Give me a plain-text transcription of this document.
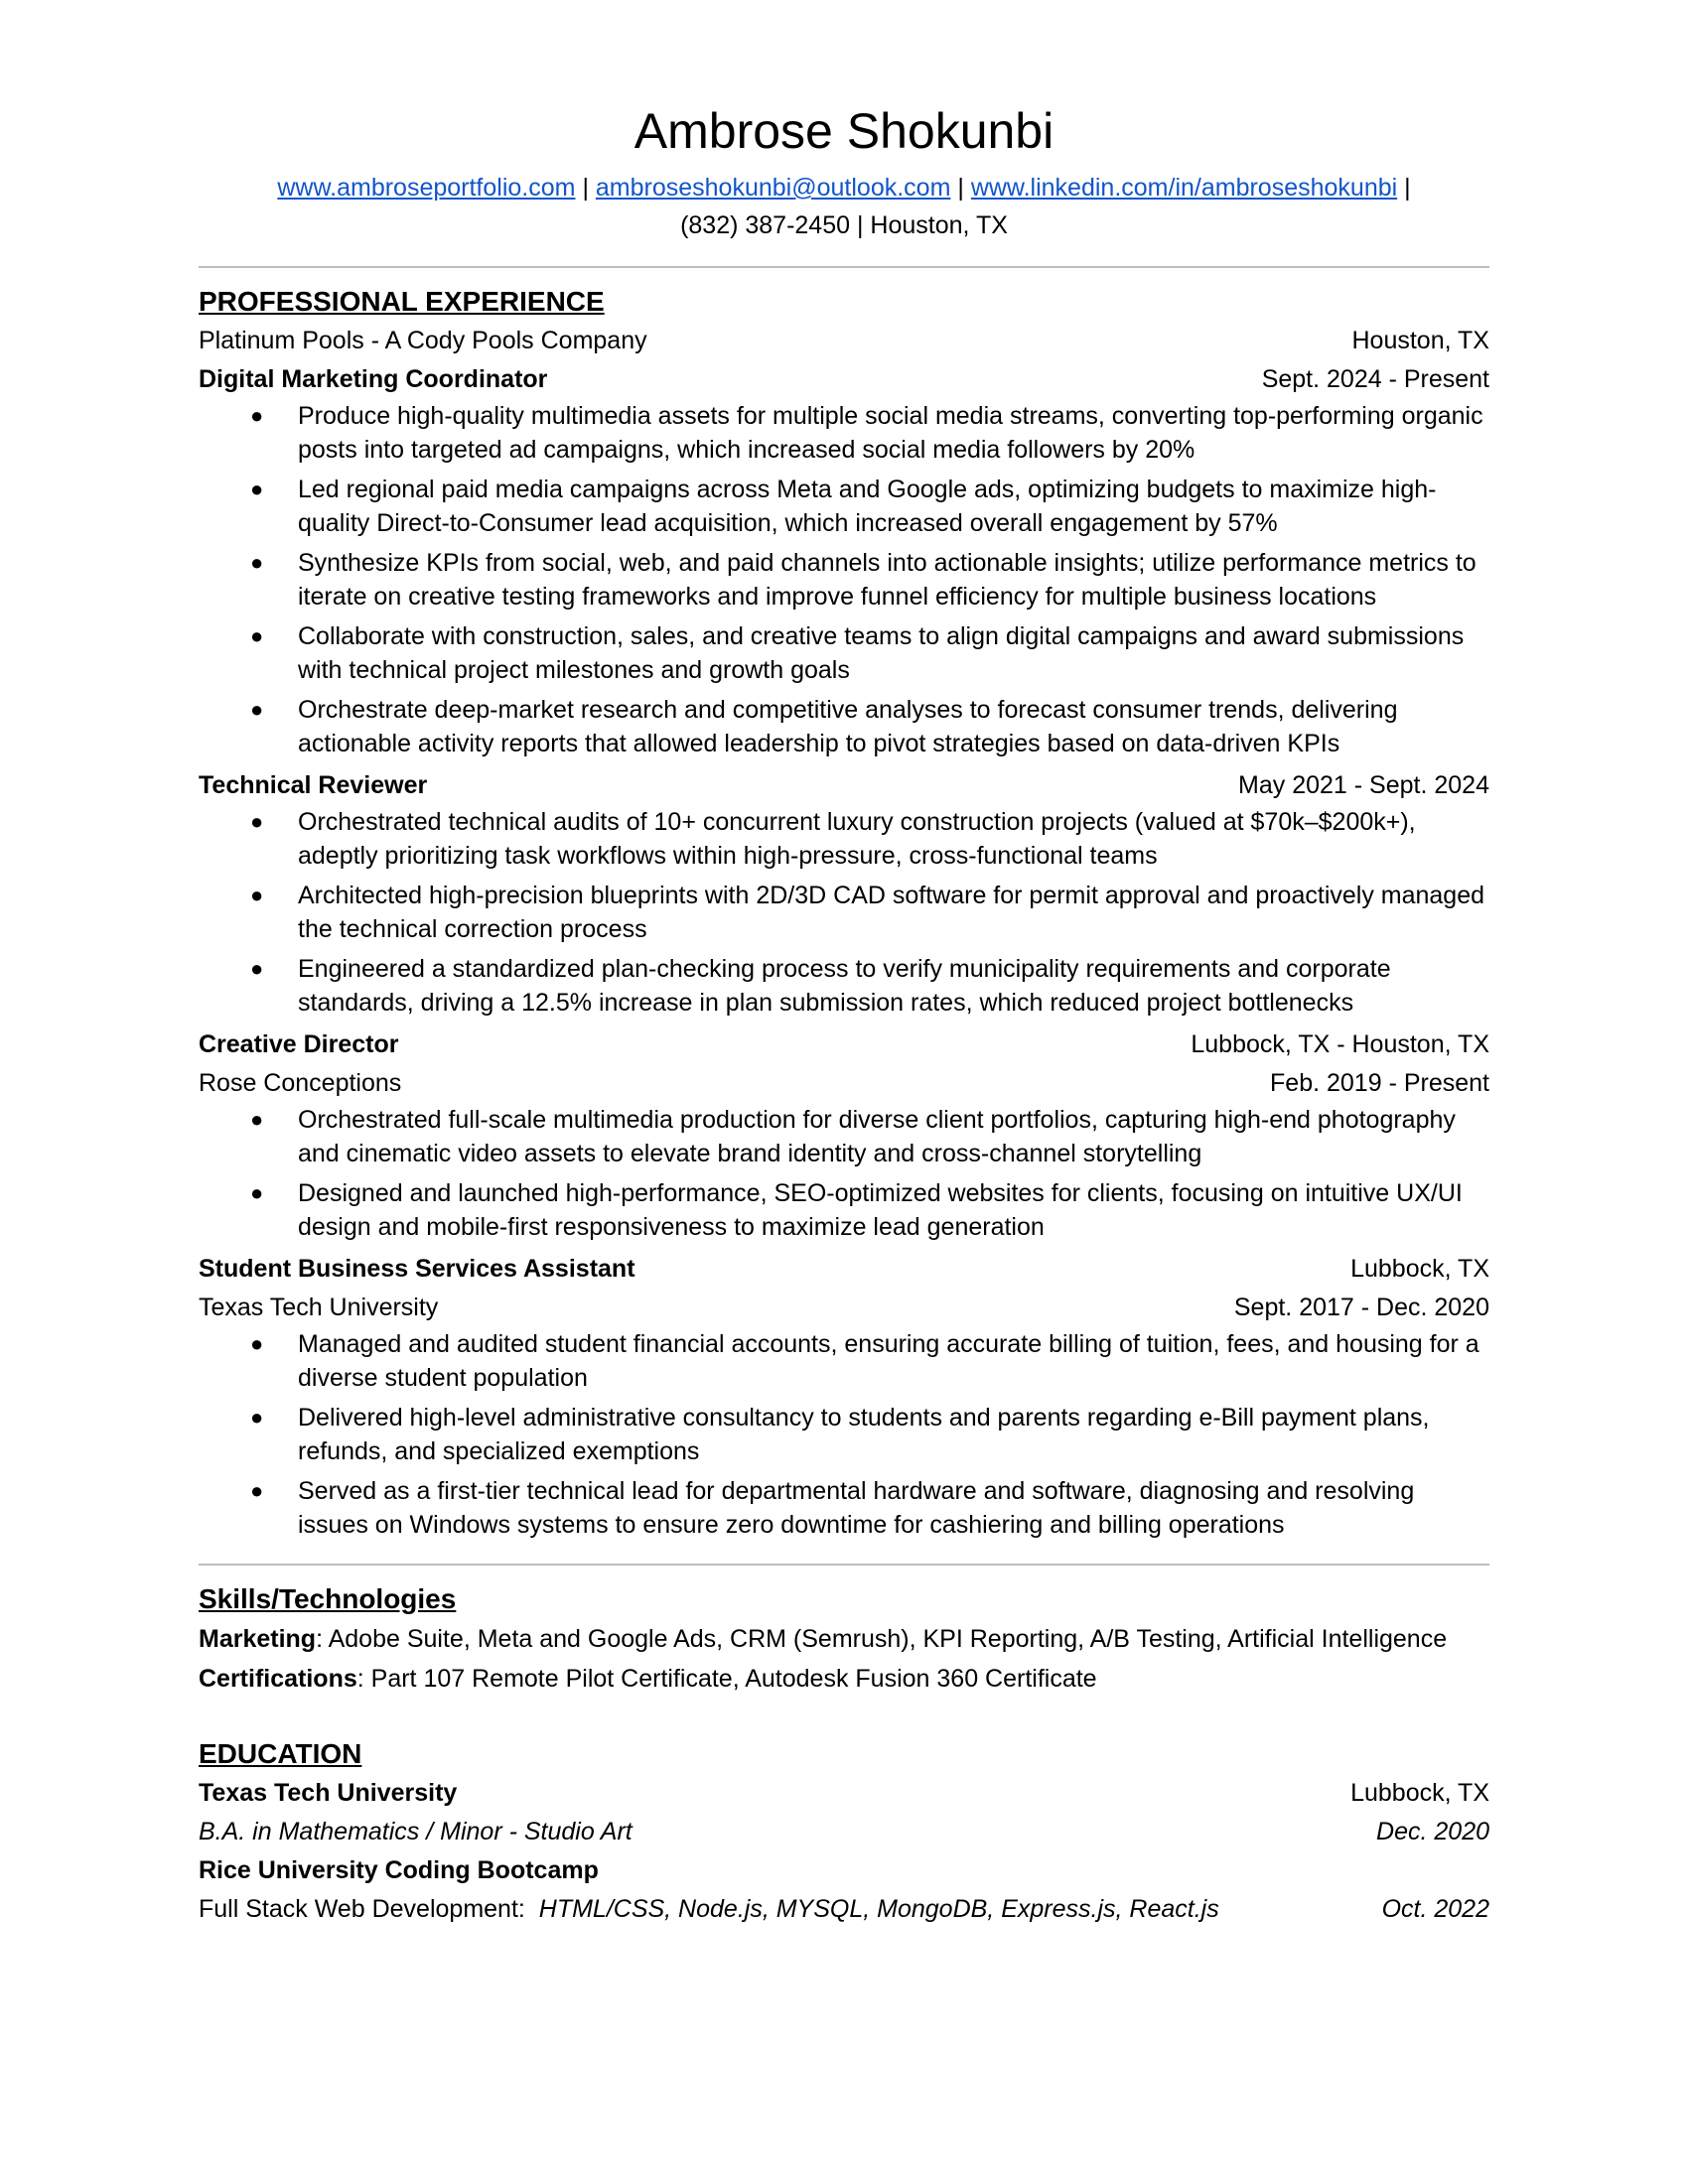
Ambrose Shokunbi
www.ambroseportfolio.com | ambroseshokunbi@outlook.com | www.linkedin.com/in/ambroseshokunbi |
(832) 387-2450 | Houston, TX
PROFESSIONAL EXPERIENCE
Platinum Pools - A Cody Pools Company	Houston, TX
Digital Marketing Coordinator	Sept. 2024 - Present
● Produce high-quality multimedia assets for multiple social media streams, converting top-performing organic posts into targeted ad campaigns, which increased social media followers by 20%
● Led regional paid media campaigns across Meta and Google ads, optimizing budgets to maximize high-quality Direct-to-Consumer lead acquisition, which increased overall engagement by 57%
● Synthesize KPIs from social, web, and paid channels into actionable insights; utilize performance metrics to iterate on creative testing frameworks and improve funnel efficiency for multiple business locations
● Collaborate with construction, sales, and creative teams to align digital campaigns and award submissions with technical project milestones and growth goals
● Orchestrate deep-market research and competitive analyses to forecast consumer trends, delivering actionable activity reports that allowed leadership to pivot strategies based on data-driven KPIs
Technical Reviewer	May 2021 - Sept. 2024
● Orchestrated technical audits of 10+ concurrent luxury construction projects (valued at $70k–$200k+), adeptly prioritizing task workflows within high-pressure, cross-functional teams
● Architected high-precision blueprints with 2D/3D CAD software for permit approval and proactively managed the technical correction process
● Engineered a standardized plan-checking process to verify municipality requirements and corporate standards, driving a 12.5% increase in plan submission rates, which reduced project bottlenecks
Creative Director	Lubbock, TX - Houston, TX
Rose Conceptions	Feb. 2019 - Present
● Orchestrated full-scale multimedia production for diverse client portfolios, capturing high-end photography and cinematic video assets to elevate brand identity and cross-channel storytelling
● Designed and launched high-performance, SEO-optimized websites for clients, focusing on intuitive UX/UI design and mobile-first responsiveness to maximize lead generation
Student Business Services Assistant	Lubbock, TX
Texas Tech University	Sept. 2017 - Dec. 2020
● Managed and audited student financial accounts, ensuring accurate billing of tuition, fees, and housing for a diverse student population
● Delivered high-level administrative consultancy to students and parents regarding e-Bill payment plans, refunds, and specialized exemptions
● Served as a first-tier technical lead for departmental hardware and software, diagnosing and resolving issues on Windows systems to ensure zero downtime for cashiering and billing operations
Skills/Technologies
Marketing: Adobe Suite, Meta and Google Ads, CRM (Semrush), KPI Reporting, A/B Testing, Artificial Intelligence
Certifications: Part 107 Remote Pilot Certificate, Autodesk Fusion 360 Certificate
EDUCATION
Texas Tech University	Lubbock, TX
B.A. in Mathematics / Minor - Studio Art	Dec. 2020
Rice University Coding Bootcamp
Full Stack Web Development: HTML/CSS, Node.js, MYSQL, MongoDB, Express.js, React.js	Oct. 2022
